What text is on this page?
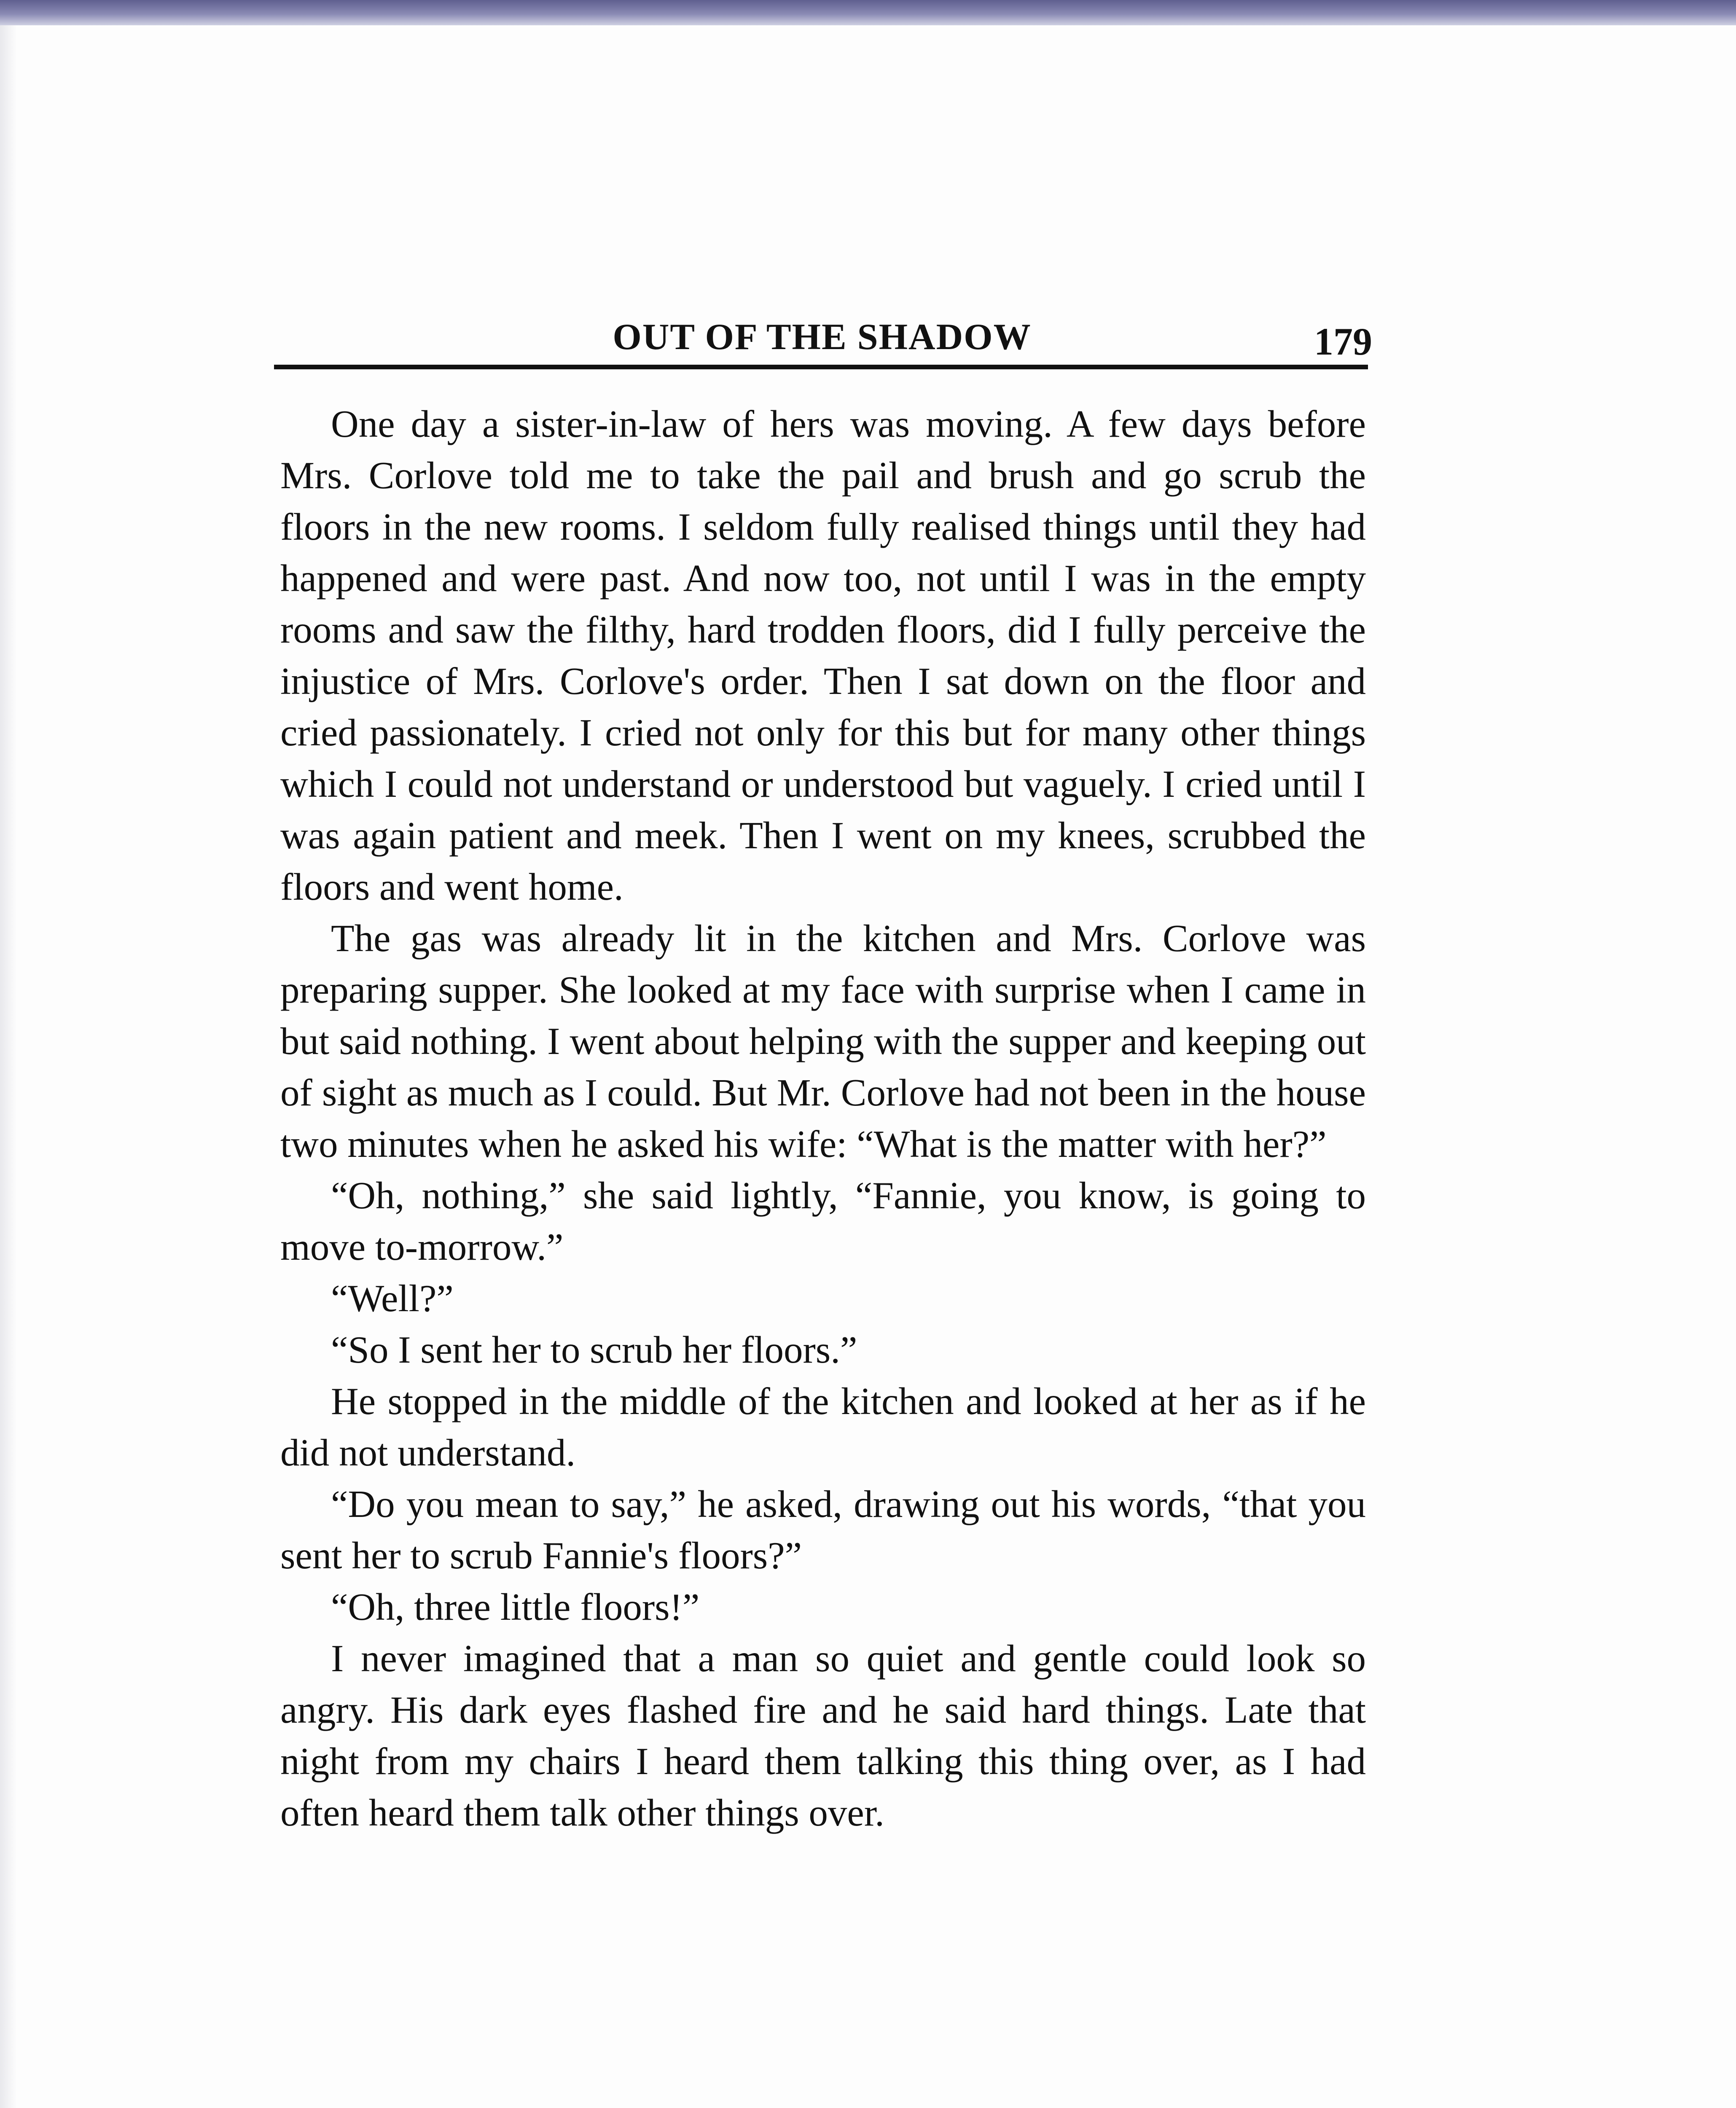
OUT OF THE SHADOW	179

One day a sister-in-law of hers was moving. A few days before Mrs. Corlove told me to take the pail and brush and go scrub the floors in the new rooms. I seldom fully realised things until they had happened and were past. And now too, not until I was in the empty rooms and saw the filthy, hard trodden floors, did I fully perceive the injustice of Mrs. Corlove's order. Then I sat down on the floor and cried passionately. I cried not only for this but for many other things which I could not understand or understood but vaguely. I cried until I was again patient and meek. Then I went on my knees, scrubbed the floors and went home.

The gas was already lit in the kitchen and Mrs. Corlove was preparing supper. She looked at my face with surprise when I came in but said nothing. I went about helping with the supper and keeping out of sight as much as I could. But Mr. Corlove had not been in the house two minutes when he asked his wife: “What is the matter with her?”

“Oh, nothing,” she said lightly, “Fannie, you know, is going to move to-morrow.”

“Well?”

“So I sent her to scrub her floors.”

He stopped in the middle of the kitchen and looked at her as if he did not understand.

“Do you mean to say,” he asked, drawing out his words, “that you sent her to scrub Fannie's floors?”

“Oh, three little floors!”

I never imagined that a man so quiet and gentle could look so angry. His dark eyes flashed fire and he said hard things. Late that night from my chairs I heard them talking this thing over, as I had often heard them talk other things over.
